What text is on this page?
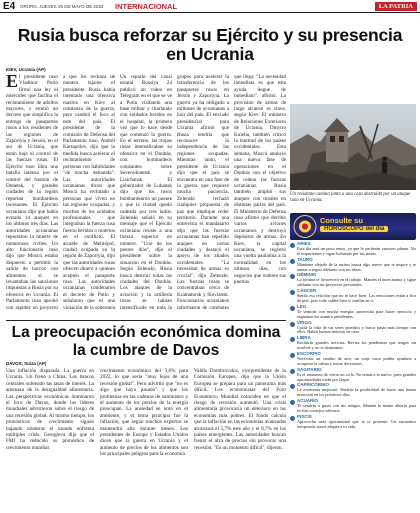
E4	ORURO, JUEVES 26 DE MAYO DE 2022	INTERNACIONAL	LA PATRIA
Rusia busca reforzar su Ejército y su presencia en Ucrania
KIEV, Ucrania (AP)
El presidente ruso Vladímir Putin firmó una ley el miércoles que facilita el reclutamiento de adultos mayores, y emitió un decreto que simplifica la entrega de pasaportes rusos a los residentes de las regiones de Zaporiyia y Jersón, en el sur de Ucrania, que están bajo el control de las fuerzas rusas. El Ejército ruso libra una batalla intensa por el control del bastión de Donetsk, y grandes ciudades de la región reportan bombardeos incesantes. El Ejército ucraniano dijo que había evitado 14 ataques en los últimos tres días. Las autoridades ucranianas reportaron la muerte de numerosos civiles. Un alto funcionario ruso dijo que Moscú estaba dispuesto a permitir la salida de barcos con alimentos si se levantaban las sanciones impuestas a Rusia por su ofensiva en Ucrania. El Parlamento ruso aprobó con rapidez un proyecto

a que los rechaza de manera tajante el presidente. Rusia había intentado una ofensiva masiva en Kiev al comienzo de la guerra, pero cambió el foco al este del país. El presidente de la comisión de Defensa del Parlamento ruso, Andréi Kartapólov, dijo que la medida busca acelerar el reclutamiento de personas con habilidades "de mucha demanda". Las autoridades ucranianas dicen que Moscú ha reclutado a personas que viven en las regiones ocupadas, y muchos de los soldados profesionales que integraban la fuerza rusa fueron heridos o muertos en el conflicto. El alcalde de Melitópol, ciudad ocupada en la región de Zaporiyia, dijo que las autoridades rusas ofrecen dinero a quienes acepten el pasaporte ruso. Las autoridades ucranianas condenaron el decreto de Putin y señalaron que es una violación de la soberanía

Un reporte del canal estatal Rossiya 24 publicó un video en Telegram en el que se ve a Putin visitando una base militar y charlando con soldados heridos en el hospital, la primera vez que lo hace desde que comenzó la guerra. En el terreno, las tropas rusas intensificaban su ofensiva en el Donbás, con bombardeos constantes sobre Severodonetsk y Lisichansk. El gobernador de Luhansk dijo que los rusos bombardearon un puente y que la ciudad quedó rodeada por tres lados. Zelenski señaló en su mensaje que el Ejército ucraniano resiste a una fuerza superior en número. "Uno de los peores días", dijo el presidente sobre la situación en el Donbás. Según Zelenski, Rusia busca destruir todas las ciudades del Donbás. Los ataques de la aviación y la artillería rusas se habían intensificado en toda la

grupos para acelerar la transferencia de los pasaportes rusos en Jersón y Zaporiyia. La guerra ya ha obligado a millones de ucranianos a huir del país. El enviado presidencial para Ucrania afirmó que Rusia tendría que reconocer la independencia de las regiones ocupadas. Mientras tanto, el presidente de Ucrania dijo que el país se encuentra en una fase de la guerra que requiere mucha paciencia. Zelenski rechazó cualquier propuesta de paz que implique ceder territorio. Durante una entrevista el mandatario dijo que las fuerzas ucranianas han repelido ataques en varias ciudades y destacó el apoyo de los aliados occidentales. "La necesidad de armas es crucial", dijo Zelenski. Las fuerzas rusas se concentraban cerca de Kramatorsk y Sloviansk. Funcionarios ucranianos informaron de combates

que llega. "La necesidad inmediata es que esta ayuda llegue de inmediato", afirmó. La provisión de armas de largo alcance es clave, según Kiev. El ministro de Relaciones Exteriores de Ucrania, Dmytro Kuleba, también criticó la lentitud de los países occidentales. Esta semana, Moscú anunció una nueva fase de operaciones en el Donbás con el objetivo de rodear las fuerzas ucranianas. Rusia también amplió sus ataques con misiles en distintas partes del país. El Ministerio de Defensa ruso afirmó que derribó varios aviones ucranianos y destruyó depósitos de armas. En Kiev, la capital ucraniana, se registró una vuelta paulatina a la normalidad en los últimos días, con negocios que reabren sus puertas.

Un residente camina junto a una casa destruida por un ataque ruso en Ucrania.
Consulte su
HOROSCOPO del día
ARIES
Este día será un poco tenso, ya que lo perderán vuestros planes. No te impacientes y sigue luchando por tus metas.
TAURO
Mantente alejado de la rutina; busca algo nuevo que te inspire y te anime a seguir adelante con tus ideas.
GÉMINIS
La fortuna te favorecerá en el trabajo. Mantén el buen ánimo y sigue adelante con tus proyectos personales.
CÁNCER
Suelta esa relación que no te hace bien. Las emociones están a flor de piel, pero todo saldrá bien si confías en ti.
LEO
Te sentirás con mucha energía; aprovecha para hacer ejercicio y organizar tus asuntos pendientes.
VIRGO
Cuida la vida de tus seres queridos y busca pasar más tiempo con ellos. Habrá buenas noticias en casa.
LIBRA
Recibirás grandes noticias. Revisa los pendientes que tengas sin resolver y no te desanimes.
ESCORPIO
Necesitas un cambio de aire; un viaje corto podría ayudarte a recuperar la calma y tomar decisiones.
SAGITARIO
Es el momento de cerrar un ciclo. No temas a lo nuevo, pues grandes oportunidades están por llegar.
CAPRICORNIO
La economía mejorará. Tendrás la posibilidad de hacer una buena inversión en los próximos días.
ACUARIO
Te sentirás a gusto con tus amigos. Mantén la mente abierta para recibir consejos valiosos.
PISCIS
Aprovecha cada oportunidad que se te presente. Un encuentro inesperado traerá alegría a tu vida.
La preocupación económica domina la cumbre de Davos
DAVOS, Suiza (AP)

Una inflación disparada. La guerra en Ucrania. Un freno a China. Los bancos centrales subiendo las tasas de interés. La amenaza de la desigualdad alimentaria. Las perspectivas económicas dominaron el foro de Davos, donde los líderes mundiales advirtieron sobre el riesgo de una recesión global. Al mismo tiempo, los pronósticos de crecimiento siguen bajando mientras el mundo enfrenta múltiples crisis. Georgieva dijo que el FMI ha reducido su pronóstico de crecimiento mundial.

crecimiento económico del 3,6% para 2022, lo que sería "muy lejos de una recesión global". Pero advirtió que "no es algo que haya pasado" y que los problemas en las cadenas de suministro y el aumento de los precios de la energía preocupan. La ansiedad se notó en el ambiente, y el tema principal fue la inflación, que según muchos expertos se mantendrá alta durante meses. Los presidentes de Europa y Estados Unidos dicen que la guerra en Ucrania y el aumento de precios de los alimentos son los principales peligros para la economía.

Valdis Dombrovskis, vicepresidente de la Comisión Europea, dijo que la Unión Europea se prepara para un panorama más difícil. Los economistas del Foro Económico Mundial coinciden en que el riesgo de recesión aumentó. Una crisis alimentaria provocaría un deterioro en las economías más pobres. El fondo calcula que la inflación en las economías avanzadas alcanzará el 5,7% este año y el 8,7% en los países emergentes. Las autoridades buscan frenar el alza de precios sin provocar una recesión. "Es un momento difícil", dijeron.
